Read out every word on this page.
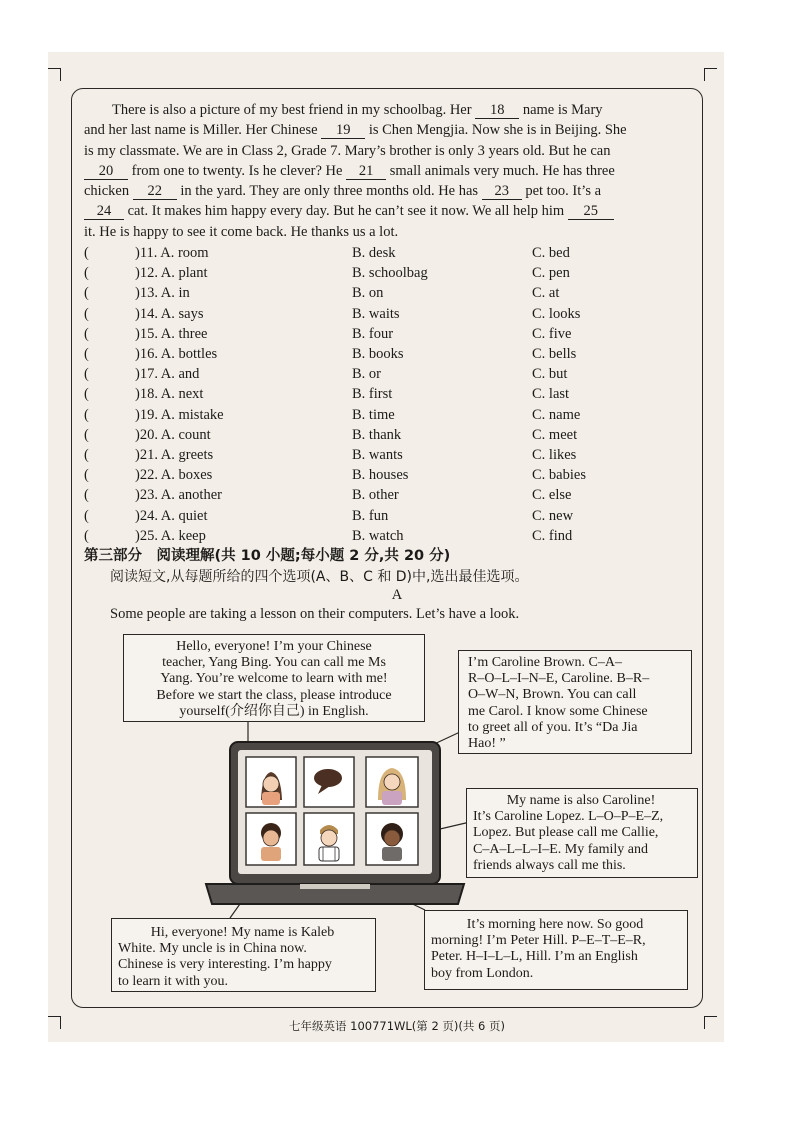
There is also a picture of my best friend in my schoolbag. Her 18 name is Mary
and her last name is Miller. Her Chinese 19 is Chen Mengjia. Now she is in Beijing. She
is my classmate. We are in Class 2, Grade 7. Mary’s brother is only 3 years old. But he can
20 from one to twenty. Is he clever? He 21 small animals very much. He has three
chicken 22 in the yard. They are only three months old. He has 23 pet too. It’s a
24 cat. It makes him happy every day. But he can’t see it now. We all help him 25
it. He is happy to see it come back. He thanks us a lot.
(	)11. A. room	B. desk	C. bed
(	)12. A. plant	B. schoolbag	C. pen
(	)13. A. in	B. on	C. at
(	)14. A. says	B. waits	C. looks
(	)15. A. three	B. four	C. five
(	)16. A. bottles	B. books	C. bells
(	)17. A. and	B. or	C. but
(	)18. A. next	B. first	C. last
(	)19. A. mistake	B. time	C. name
(	)20. A. count	B. thank	C. meet
(	)21. A. greets	B. wants	C. likes
(	)22. A. boxes	B. houses	C. babies
(	)23. A. another	B. other	C. else
(	)24. A. quiet	B. fun	C. new
(	)25. A. keep	B. watch	C. find
第三部分　阅读理解(共 10 小题;每小题 2 分,共 20 分)
阅读短文,从每题所给的四个选项(A、B、C 和 D)中,选出最佳选项。
A
Some people are taking a lesson on their computers. Let’s have a look.
Hello, everyone! I’m your Chinese
teacher, Yang Bing. You can call me Ms
Yang. You’re welcome to learn with me!
Before we start the class, please introduce
yourself(介绍你自己) in English.
I’m Caroline Brown. C–A–
R–O–L–I–N–E, Caroline. B–R–
O–W–N, Brown. You can call
me Carol. I know some Chinese
to greet all of you. It’s “Da Jia
Hao! ”
My name is also Caroline!
It’s Caroline Lopez. L–O–P–E–Z,
Lopez. But please call me Callie,
C–A–L–L–I–E. My family and
friends always call me this.
Hi, everyone! My name is Kaleb
White. My uncle is in China now.
Chinese is very interesting. I’m happy
to learn it with you.
It’s morning here now. So good
morning! I’m Peter Hill. P–E–T–E–R,
Peter. H–I–L–L, Hill. I’m an English
boy from London.
七年级英语 100771WL(第 2 页)(共 6 页)
